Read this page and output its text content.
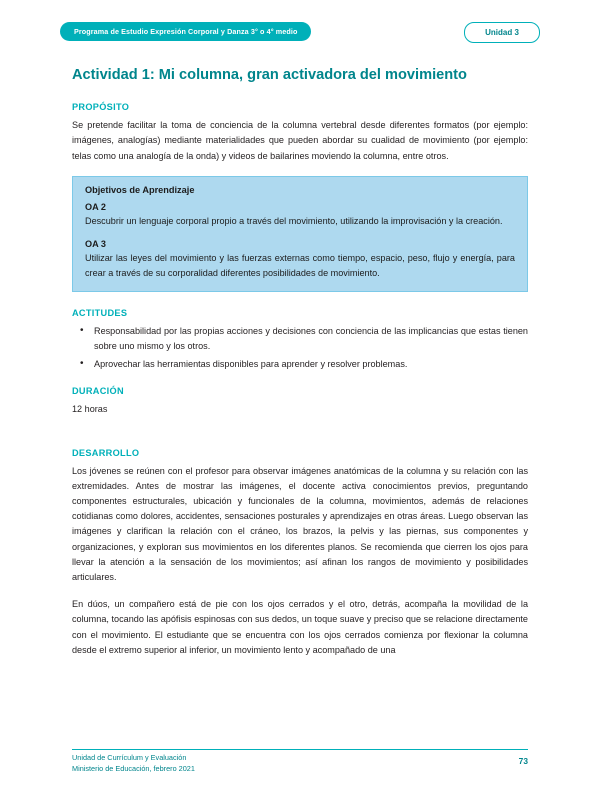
Programa de Estudio Expresión Corporal y Danza 3° o 4° medio	Unidad 3
Actividad 1: Mi columna, gran activadora del movimiento
PROPÓSITO

Se pretende facilitar la toma de conciencia de la columna vertebral desde diferentes formatos (por ejemplo: imágenes, analogías) mediante materialidades que pueden abordar su cualidad de movimiento (por ejemplo: telas como una analogía de la onda) y videos de bailarines moviendo la columna, entre otros.

Objetivos de Aprendizaje
OA 2

Descubrir un lenguaje corporal propio a través del movimiento, utilizando la improvisación y la creación.

OA 3

Utilizar las leyes del movimiento y las fuerzas externas como tiempo, espacio, peso, flujo y energía, para crear a través de su corporalidad diferentes posibilidades de movimiento.

ACTITUDES
• Responsabilidad por las propias acciones y decisiones con conciencia de las implicancias que estas tienen sobre uno mismo y los otros.
• Aprovechar las herramientas disponibles para aprender y resolver problemas.
DURACIÓN

12 horas

DESARROLLO

Los jóvenes se reúnen con el profesor para observar imágenes anatómicas de la columna y su relación con las extremidades. Antes de mostrar las imágenes, el docente activa conocimientos previos, preguntando componentes estructurales, ubicación y funcionales de la columna, movimientos, además de relaciones cotidianas como dolores, accidentes, sensaciones posturales y aprendizajes en otras áreas. Luego observan las imágenes y clarifican la relación con el cráneo, los brazos, la pelvis y las piernas, sus componentes y organizaciones, y exploran sus movimientos en los diferentes planos. Se recomienda que cierren los ojos para llevar la atención a la sensación de los movimientos; así afinan los rangos de movimiento y posibilidades articulares.

En dúos, un compañero está de pie con los ojos cerrados y el otro, detrás, acompaña la movilidad de la columna, tocando las apófisis espinosas con sus dedos, un toque suave y preciso que se relacione directamente con el movimiento. El estudiante que se encuentra con los ojos cerrados comienza por flexionar la columna desde el extremo superior al inferior, un movimiento lento y acompañado de una

Unidad de Currículum y Evaluación
Ministerio de Educación, febrero 2021
73
